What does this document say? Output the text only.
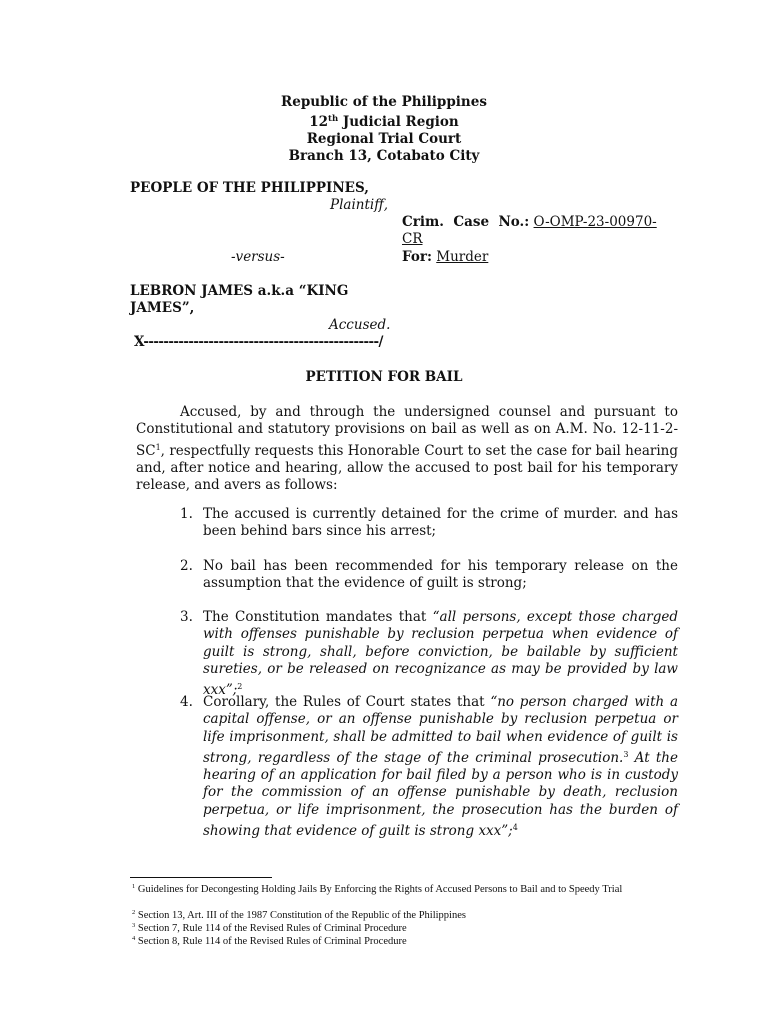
Republic of the Philippines
12th Judicial Region
Regional Trial Court
Branch 13, Cotabato City
PEOPLE OF THE PHILIPPINES,
Plaintiff,
Crim.  Case  No.: O-OMP-23-00970-
CR
-versus-	For: Murder
LEBRON JAMES a.k.a “KING
JAMES”,
Accused.
X-----------------------------------------------/
PETITION FOR BAIL
Accused, by and through the undersigned counsel and pursuant to Constitutional and statutory provisions on bail as well as on A.M. No. 12-11-2-SC$^1$, respectfully requests this Honorable Court to set the case for bail hearing and, after notice and hearing, allow the accused to post bail for his temporary release, and avers as follows:
1. The accused is currently detained for the crime of murder. and has been behind bars since his arrest;
2. No bail has been recommended for his temporary release on the assumption that the evidence of guilt is strong;
3. The Constitution mandates that “all persons, except those charged with offenses punishable by reclusion perpetua when evidence of guilt is strong, shall, before conviction, be bailable by sufficient sureties, or be released on recognizance as may be provided by law xxx”;$^2$
4. Corollary, the Rules of Court states that “no person charged with a capital offense, or an offense punishable by reclusion perpetua or life imprisonment, shall be admitted to bail when evidence of guilt is strong, regardless of the stage of the criminal prosecution.$^3$ At the hearing of an application for bail filed by a person who is in custody for the commission of an offense punishable by death, reclusion perpetua, or life imprisonment, the prosecution has the burden of showing that evidence of guilt is strong xxx”;$^4$
$^1$ Guidelines for Decongesting Holding Jails By Enforcing the Rights of Accused Persons to Bail and to Speedy Trial
$^2$ Section 13, Art. III of the 1987 Constitution of the Republic of the Philippines
$^3$ Section 7, Rule 114 of the Revised Rules of Criminal Procedure
$^4$ Section 8, Rule 114 of the Revised Rules of Criminal Procedure
